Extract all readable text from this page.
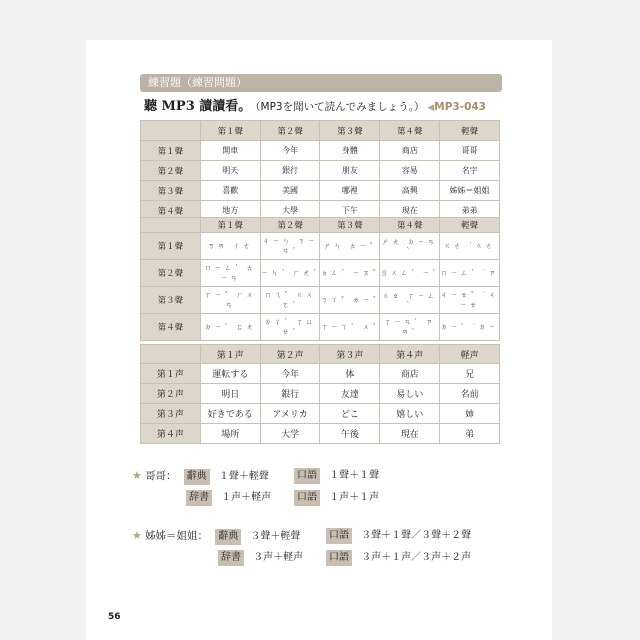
練習題（練習問題）
聽 MP3 讀讀看。 （MP3を聞いて読んでみましょう。） ◀MP3-043
	第１聲	第２聲	第３聲	第４聲	輕聲
第１聲	開車	今年	身體	商店	哥哥
第２聲	明天	銀行	朋友	容易	名字
第３聲	喜歡	美國	哪裡	高興	姊姊＝姐姐
第４聲	地方	大學	下午	現在	弟弟
	第１聲	第２聲	第３聲	第４聲	輕聲
第１聲	ㄎㄞ ㄔㄜ	ㄐㄧㄣ ㄋㄧㄢˊ	ㄕㄣ ㄊㄧˇ	ㄕㄤ ㄉㄧㄢˋ	ㄍㄜ ˙ㄍㄜ
第２聲	ㄇㄧㄥˊ ㄊㄧㄢ	ㄧㄣˊ ㄏㄤˊ	ㄆㄥˊ ㄧㄡˇ	ㄖㄨㄥˊ ㄧˋ	ㄇㄧㄥˊ ˙ㄗ
第３聲	ㄒㄧˇ ㄏㄨㄢ	ㄇㄟˇ ㄍㄨㄛˊ	ㄋㄚˇ ㄌㄧˇ	ㄍㄠ ㄒㄧㄥˋ	ㄐㄧㄝˇ ˙ㄐㄧㄝ
第４聲	ㄉㄧˋ ㄈㄤ	ㄉㄚˋ ㄒㄩㄝˊ	ㄒㄧㄚˋ ㄨˇ	ㄒㄧㄢˋ ㄗㄞˋ	ㄉㄧˋ ˙ㄉㄧ
	第１声	第２声	第３声	第４声	軽声
第１声	運転する	今年	体	商店	兄
第２声	明日	銀行	友達	易しい	名前
第３声	好きである	アメリカ	どこ	嬉しい	姉
第４声	場所	大学	午後	現在	弟
★ 哥哥： 辭典 １聲＋輕聲	口語 １聲＋１聲
辞書 １声＋軽声	口語 １声＋１声
★ 姊姊＝姐姐： 辭典 ３聲＋輕聲	口語 ３聲＋１聲／３聲＋２聲
辞書 ３声＋軽声	口語 ３声＋１声／３声＋２声
56
